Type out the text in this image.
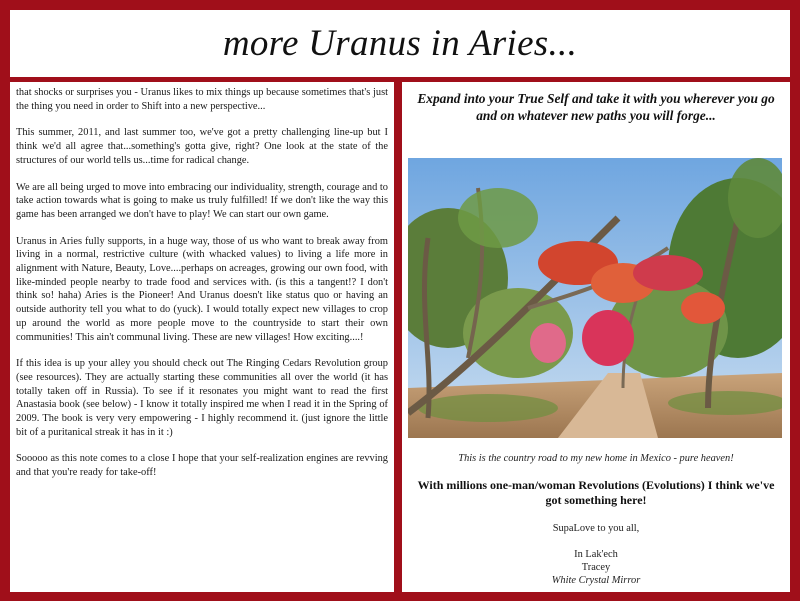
more Uranus in Aries...

that shocks or surprises you - Uranus likes to mix things up because sometimes that's just the thing you need in order to Shift into a new perspective...

This summer, 2011, and last summer too, we've got a pretty challenging line-up but I think we'd all agree that...something's gotta give, right? One look at the state of the structures of our world tells us...time for radical change.

We are all being urged to move into embracing our individuality, strength, courage and to take action towards what is going to make us truly fulfilled! If we don't like the way this game has been arranged we don't have to play! We can start our own game.

Uranus in Aries fully supports, in a huge way, those of us who want to break away from living in a normal, restrictive culture (with whacked values) to living a life more in alignment with Nature, Beauty, Love....perhaps on acreages, growing our own food, with like-minded people nearby to trade food and services with. (is this a tangent!? I don't think so! haha) Aries is the Pioneer! And Uranus doesn't like status quo or having an outside authority tell you what to do (yuck). I would totally expect new villages to crop up around the world as more people move to the countryside to start their own communities! This ain't communal living. These are new villages! How exciting....!

If this idea is up your alley you should check out The Ringing Cedars Revolution group (see resources). They are actually starting these communities all over the world (it has totally taken off in Russia). To see if it resonates you might want to read the first Anastasia book (see below) - I know it totally inspired me when I read it in the Spring of 2009. The book is very very empowering - I highly recommend it. (just ignore the little bit of a puritanical streak it has in it :)

Sooooo as this note comes to a close I hope that your self-realization engines are revving and that you're ready for take-off!

Expand into your True Self and take it with you wherever you go and on whatever new paths you will forge...

This is the country road to my new home in Mexico - pure heaven!

With millions one-man/woman Revolutions (Evolutions) I think we've got something here!

SupaLove to you all,

In Lak'ech

Tracey

White Crystal Mirror
